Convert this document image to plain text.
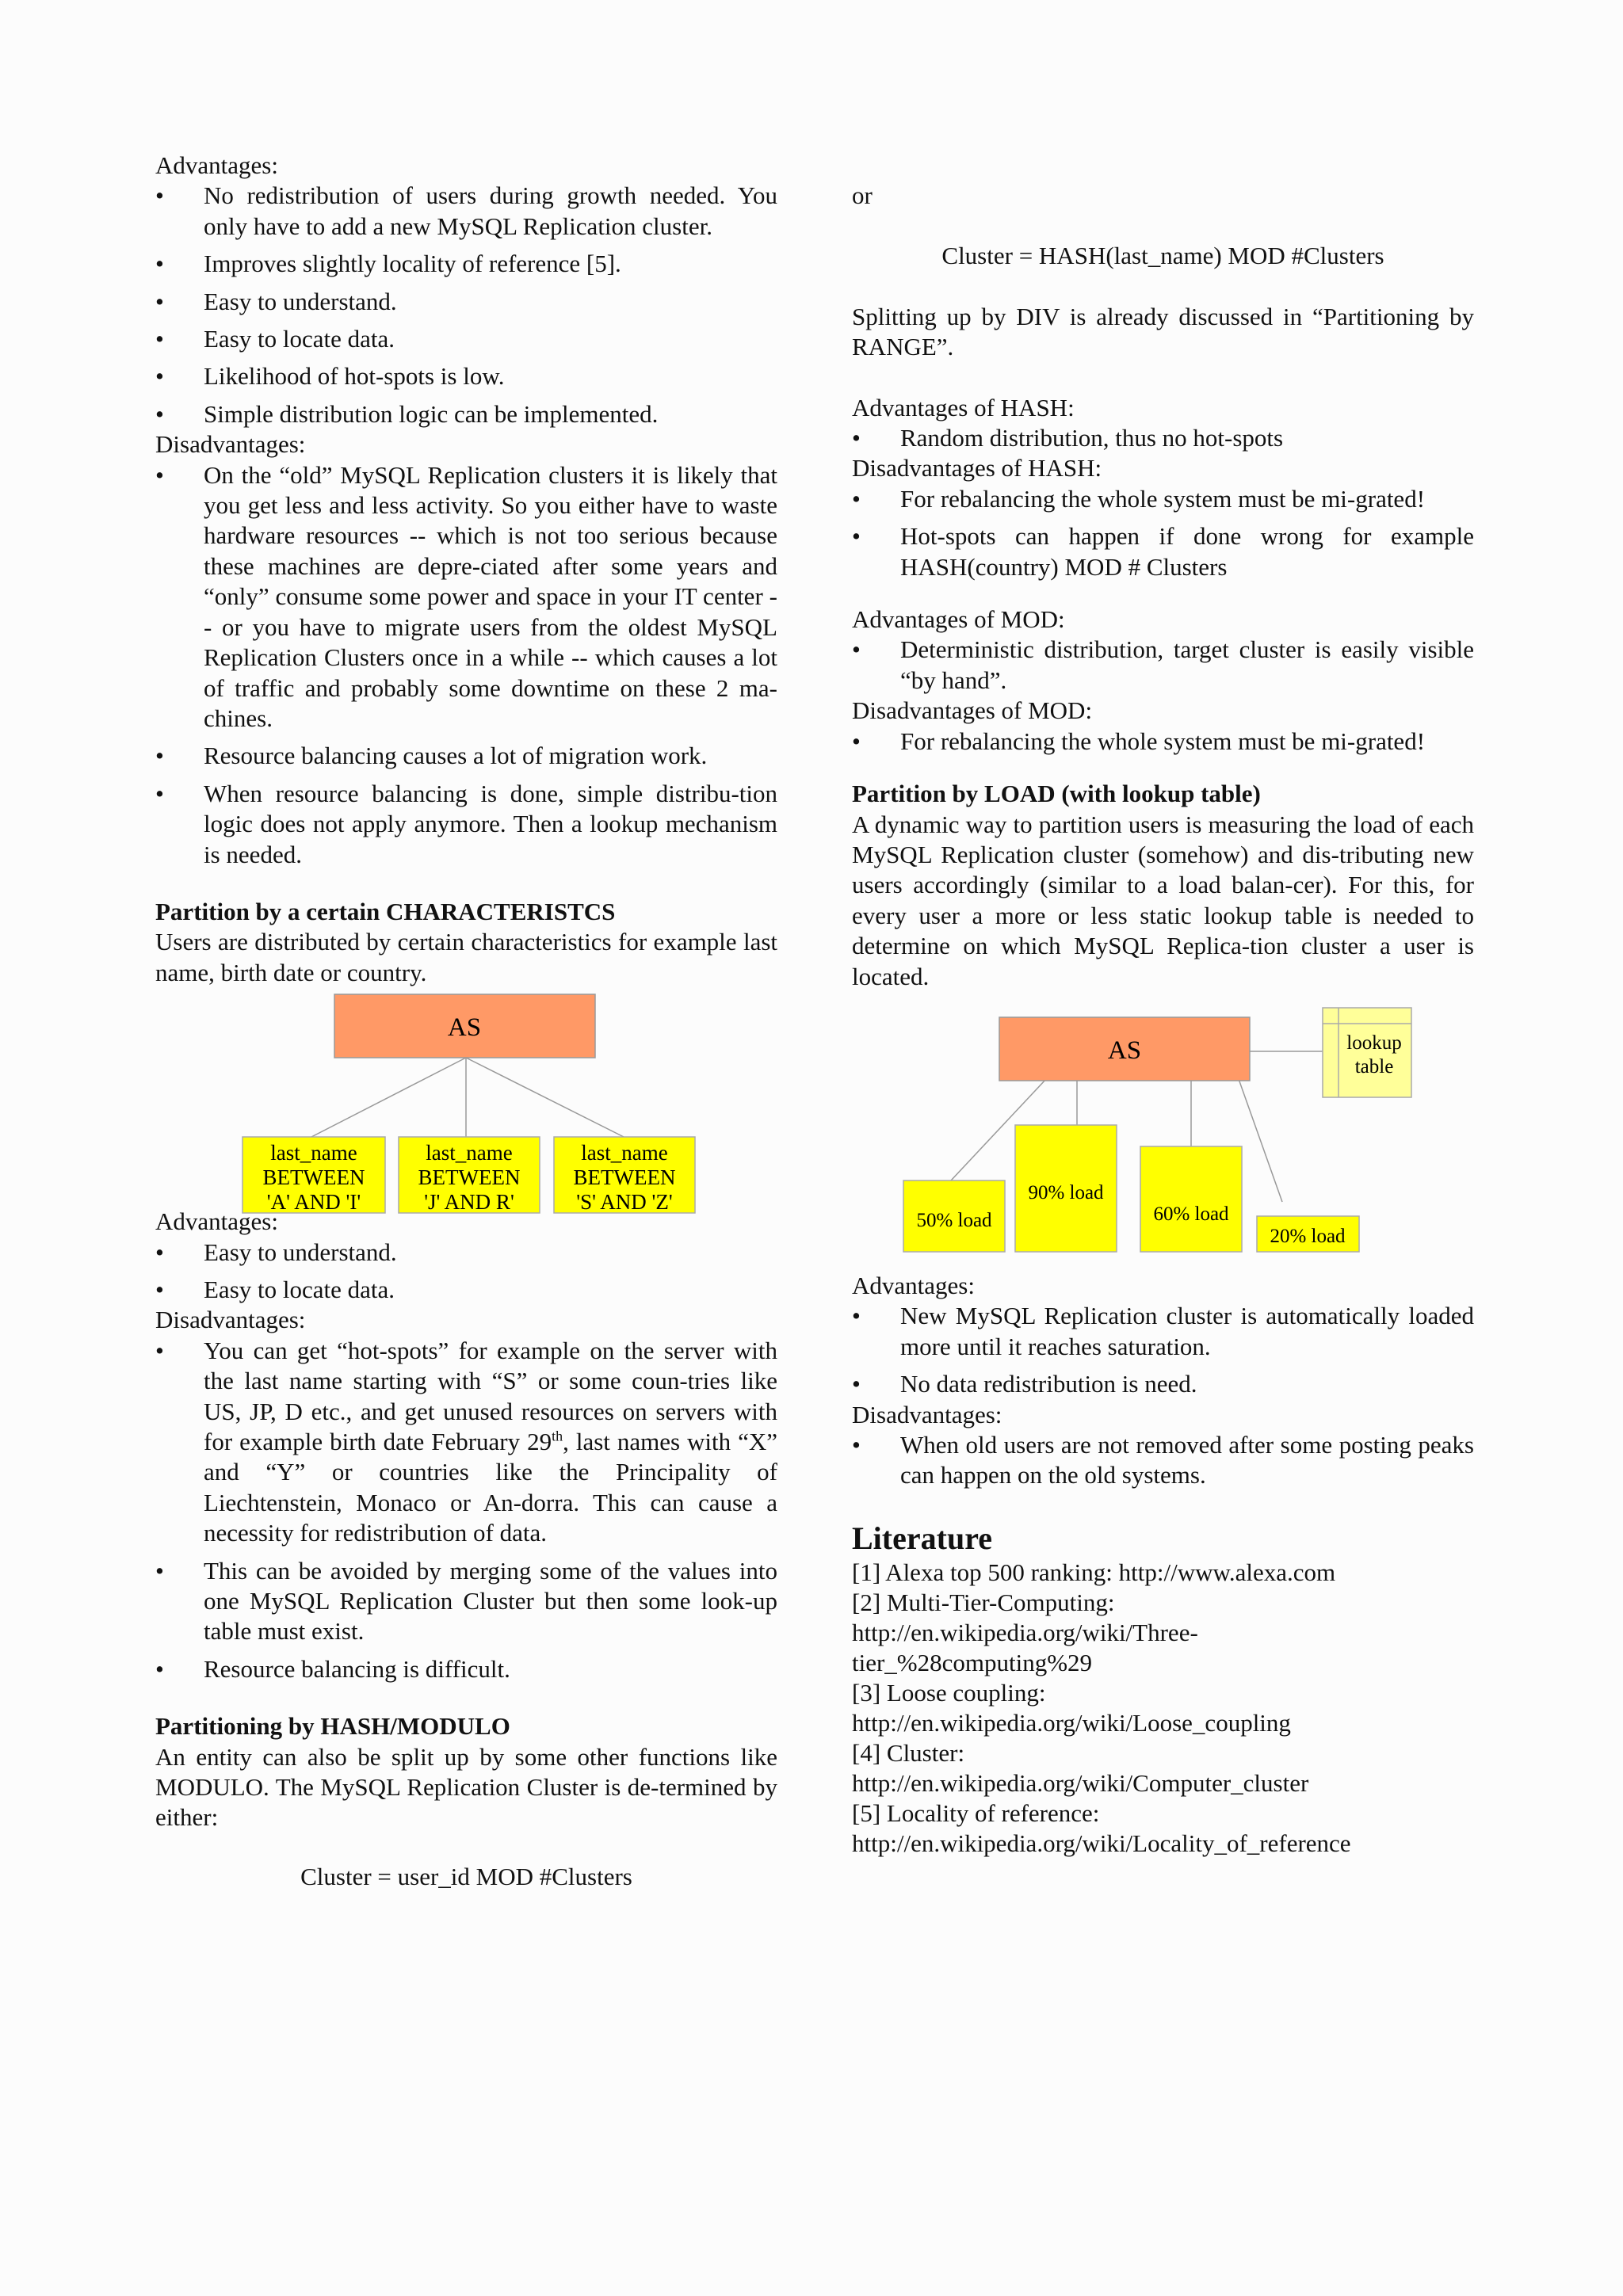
Advantages:
•	No redistribution of users during growth needed. You only have to add a new MySQL Replication cluster.
•	Improves slightly locality of reference [5].
•	Easy to understand.
•	Easy to locate data.
•	Likelihood of hot-spots is low.
•	Simple distribution logic can be implemented.
Disadvantages:
•	On the “old” MySQL Replication clusters it is likely that you get less and less activity. So you either have to waste hardware resources -- which is not too serious because these machines are depre-ciated after some years and “only” consume some power and space in your IT center -- or you have to migrate users from the oldest MySQL Replication Clusters once in a while -- which causes a lot of traffic and probably some downtime on these 2 ma-chines.
•	Resource balancing causes a lot of migration work.
•	When resource balancing is done, simple distribu-tion logic does not apply anymore. Then a lookup mechanism is needed.
Partition by a certain CHARACTERISTCS
Users are distributed by certain characteristics for example last name, birth date or country.
AS
last_name
BETWEEN
'A' AND 'I'
last_name
BETWEEN
'J' AND R'
last_name
BETWEEN
'S' AND 'Z'
Advantages:
•	Easy to understand.
•	Easy to locate data.
Disadvantages:
•	You can get “hot-spots” for example on the server with the last name starting with “S” or some coun-tries like US, JP, D etc., and get unused resources on servers with for example birth date February 29th, last names with “X” and “Y” or countries like the Principality of Liechtenstein, Monaco or An-dorra. This can cause a necessity for redistribution of data.
•	This can be avoided by merging some of the values into one MySQL Replication Cluster but then some look-up table must exist.
•	Resource balancing is difficult.
Partitioning by HASH/MODULO
An entity can also be split up by some other functions like MODULO. The MySQL Replication Cluster is de-termined by either:
Cluster = user_id MOD #Clusters
or
Cluster = HASH(last_name) MOD #Clusters
Splitting up by DIV is already discussed in “Partitioning by RANGE”.
Advantages of HASH:
•	Random distribution, thus no hot-spots
Disadvantages of HASH:
•	For rebalancing the whole system must be mi-grated!
•	Hot-spots can happen if done wrong for example HASH(country) MOD # Clusters
Advantages of MOD:
•	Deterministic distribution, target cluster is easily visible “by hand”.
Disadvantages of MOD:
•	For rebalancing the whole system must be mi-grated!
Partition by LOAD (with lookup table)
A dynamic way to partition users is measuring the load of each MySQL Replication cluster (somehow) and dis-tributing new users accordingly (similar to a load balan-cer). For this, for every user a more or less static lookup table is needed to determine on which MySQL Replica-tion cluster a user is located.
AS	lookup
table
50% load
90% load
60% load
20% load
Advantages:
•	New MySQL Replication cluster is automatically loaded more until it reaches saturation.
•	No data redistribution is need.
Disadvantages:
•	When old users are not removed after some posting peaks can happen on the old systems.
Literature
[1] Alexa top 500 ranking: http://www.alexa.com
[2] Multi-Tier-Computing:
http://en.wikipedia.org/wiki/Three-
tier_%28computing%29
[3] Loose coupling:
http://en.wikipedia.org/wiki/Loose_coupling
[4] Cluster:
http://en.wikipedia.org/wiki/Computer_cluster
[5] Locality of reference:
http://en.wikipedia.org/wiki/Locality_of_reference
